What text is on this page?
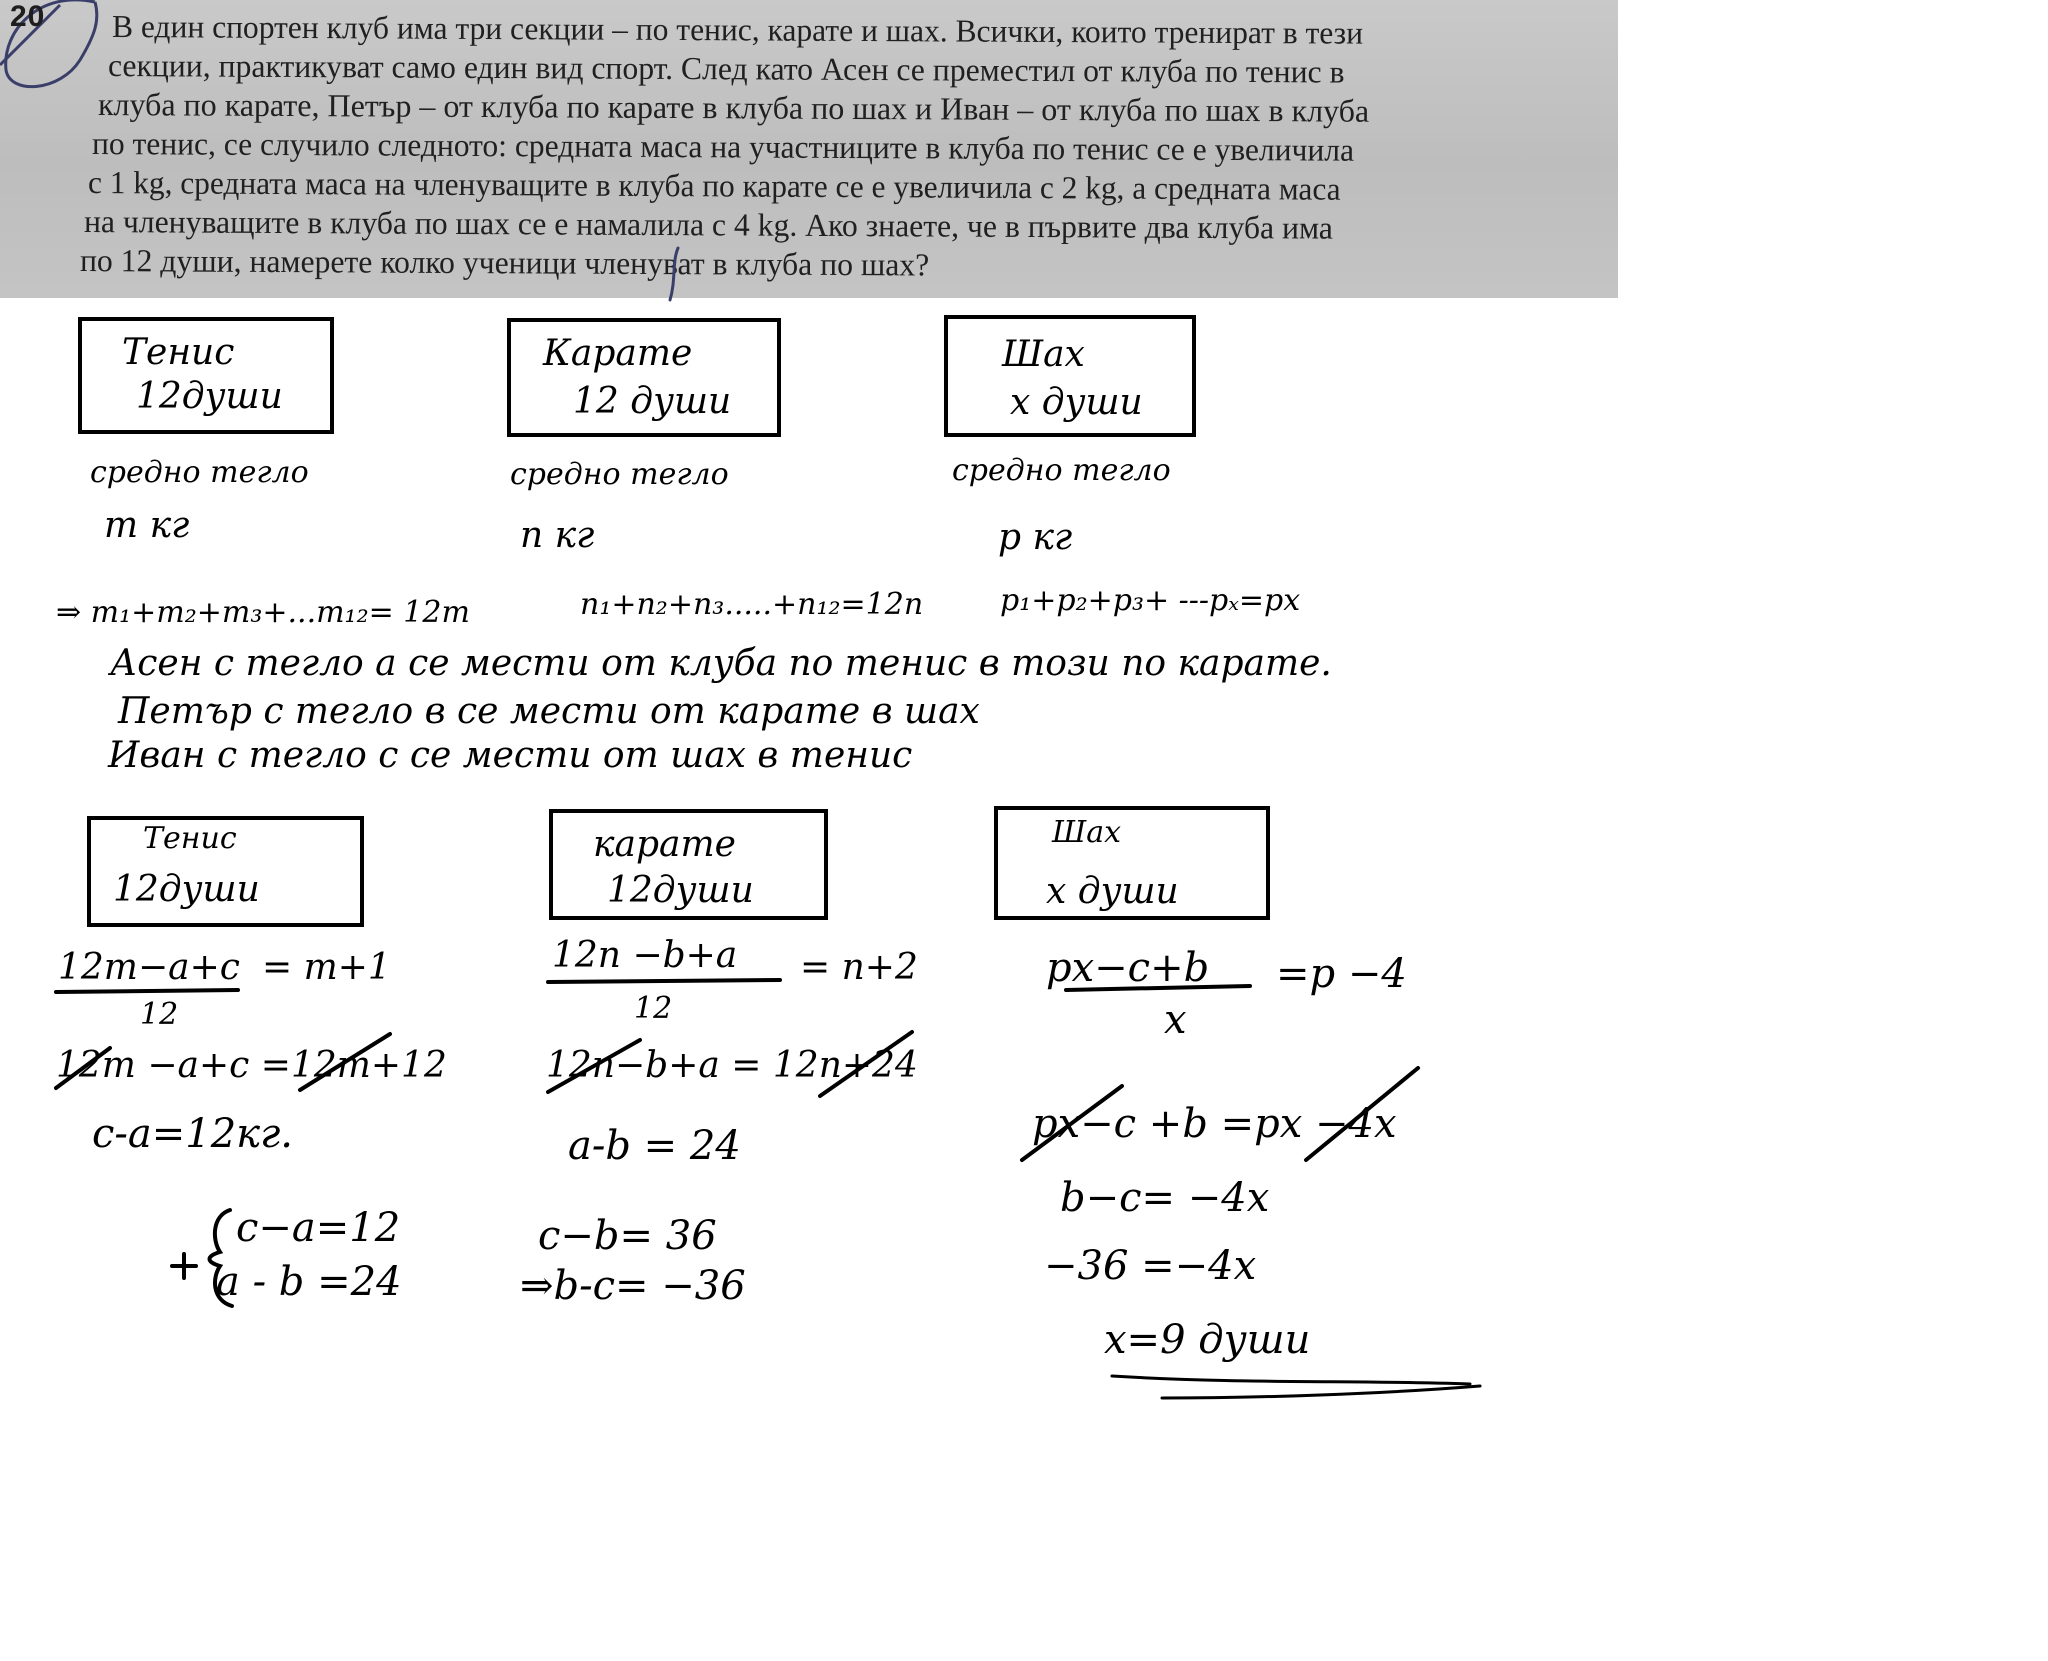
20 В един спортен клуб има три секции – по тенис, карате и шах. Всички, които тренират в тези
секции, практикуват само един вид спорт. След като Асен се преместил от клуба по тенис в
клуба по карате, Петър – от клуба по карате в клуба по шах и Иван – от клуба по шах в клуба
по тенис, се случило следното: средната маса на участниците в клуба по тенис се е увеличила
с 1 kg, средната маса на членуващите в клуба по карате се е увеличила с 2 kg, а средната маса
на членуващите в клуба по шах се е намалила с 4 kg. Ако знаете, че в първите два клуба има
по 12 души, намерете колко ученици членуват в клуба по шах?
Тенис
12души
Карате
12 души
Шах
x души
средно тегло
m кг
средно тегло
n кг
средно тегло
p кг
⇒ m₁+m₂+m₃+...m₁₂= 12m	n₁+n₂+n₃.....+n₁₂=12n	p₁+p₂+p₃+ ---pₓ=px
Асен с тегло a се мести от клуба по тенис в този по карате.
Петър с тегло в се мести от карате в шах
Иван с тегло с се мести от шах в тенис
Тенис
12души
карате
12души
Шах
x души
12m−a+c = m+1
12
12m −a+c =12m+12
c-a=12кг.
12n −b+a = n+2
12
12n−b+a = 12n+24
a-b = 24
px−c+b =p −4
x
px−c +b =px −4x
b−c= −4x
−36 =−4x
x=9 души
c−a=12
a - b =24
c−b= 36
⇒b-c= −36
